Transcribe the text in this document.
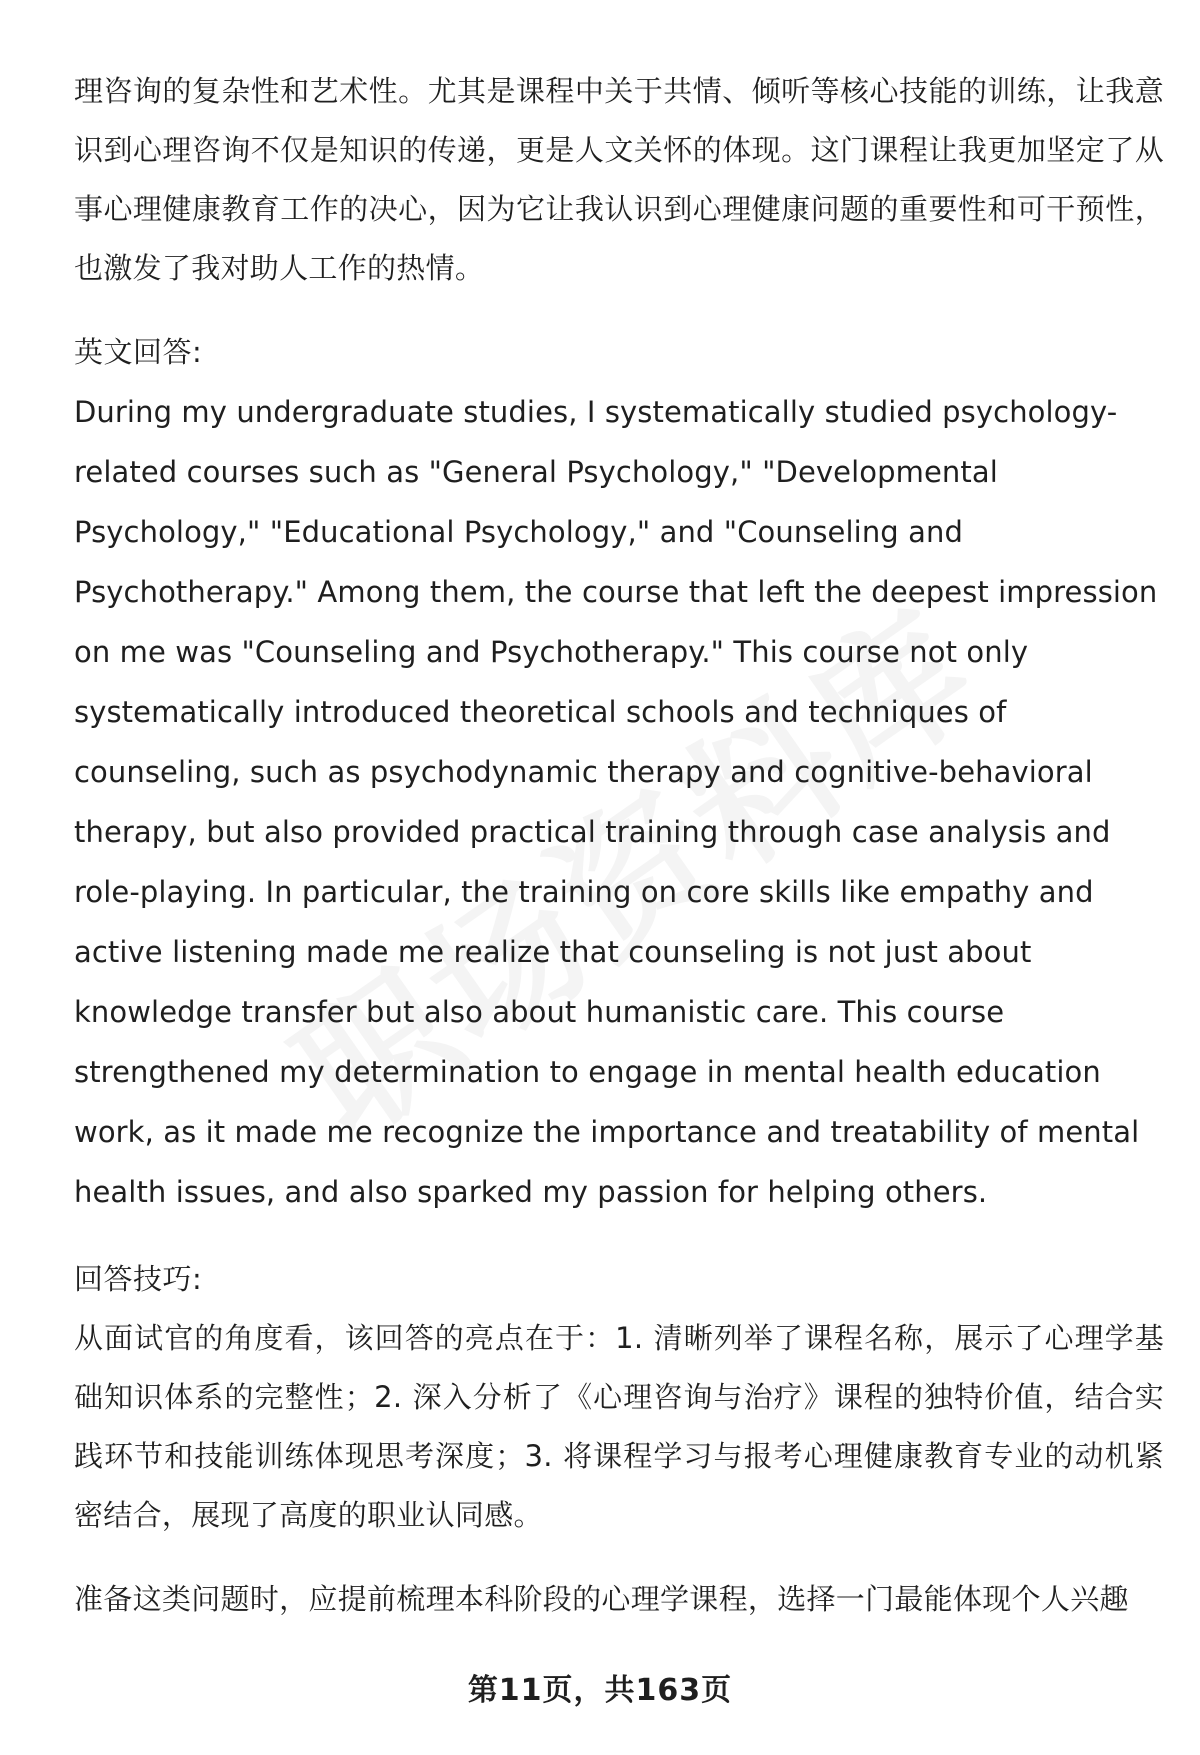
理咨询的复杂性和艺术性。尤其是课程中关于共情、倾听等核心技能的训练，让我意识到心理咨询不仅是知识的传递，更是人文关怀的体现。这门课程让我更加坚定了从事心理健康教育工作的决心，因为它让我认识到心理健康问题的重要性和可干预性，也激发了我对助人工作的热情。

英文回答:

During my undergraduate studies, I systematically studied psychology-related courses such as "General Psychology," "Developmental Psychology," "Educational Psychology," and "Counseling and Psychotherapy." Among them, the course that left the deepest impression on me was "Counseling and Psychotherapy." This course not only systematically introduced theoretical schools and techniques of counseling, such as psychodynamic therapy and cognitive-behavioral therapy, but also provided practical training through case analysis and role-playing. In particular, the training on core skills like empathy and active listening made me realize that counseling is not just about knowledge transfer but also about humanistic care. This course strengthened my determination to engage in mental health education work, as it made me recognize the importance and treatability of mental health issues, and also sparked my passion for helping others.

回答技巧:

从面试官的角度看，该回答的亮点在于：1. 清晰列举了课程名称，展示了心理学基础知识体系的完整性；2. 深入分析了《心理咨询与治疗》课程的独特价值，结合实践环节和技能训练体现思考深度；3. 将课程学习与报考心理健康教育专业的动机紧密结合，展现了高度的职业认同感。

准备这类问题时，应提前梳理本科阶段的心理学课程，选择一门最能体现个人兴趣

第11页，共163页
